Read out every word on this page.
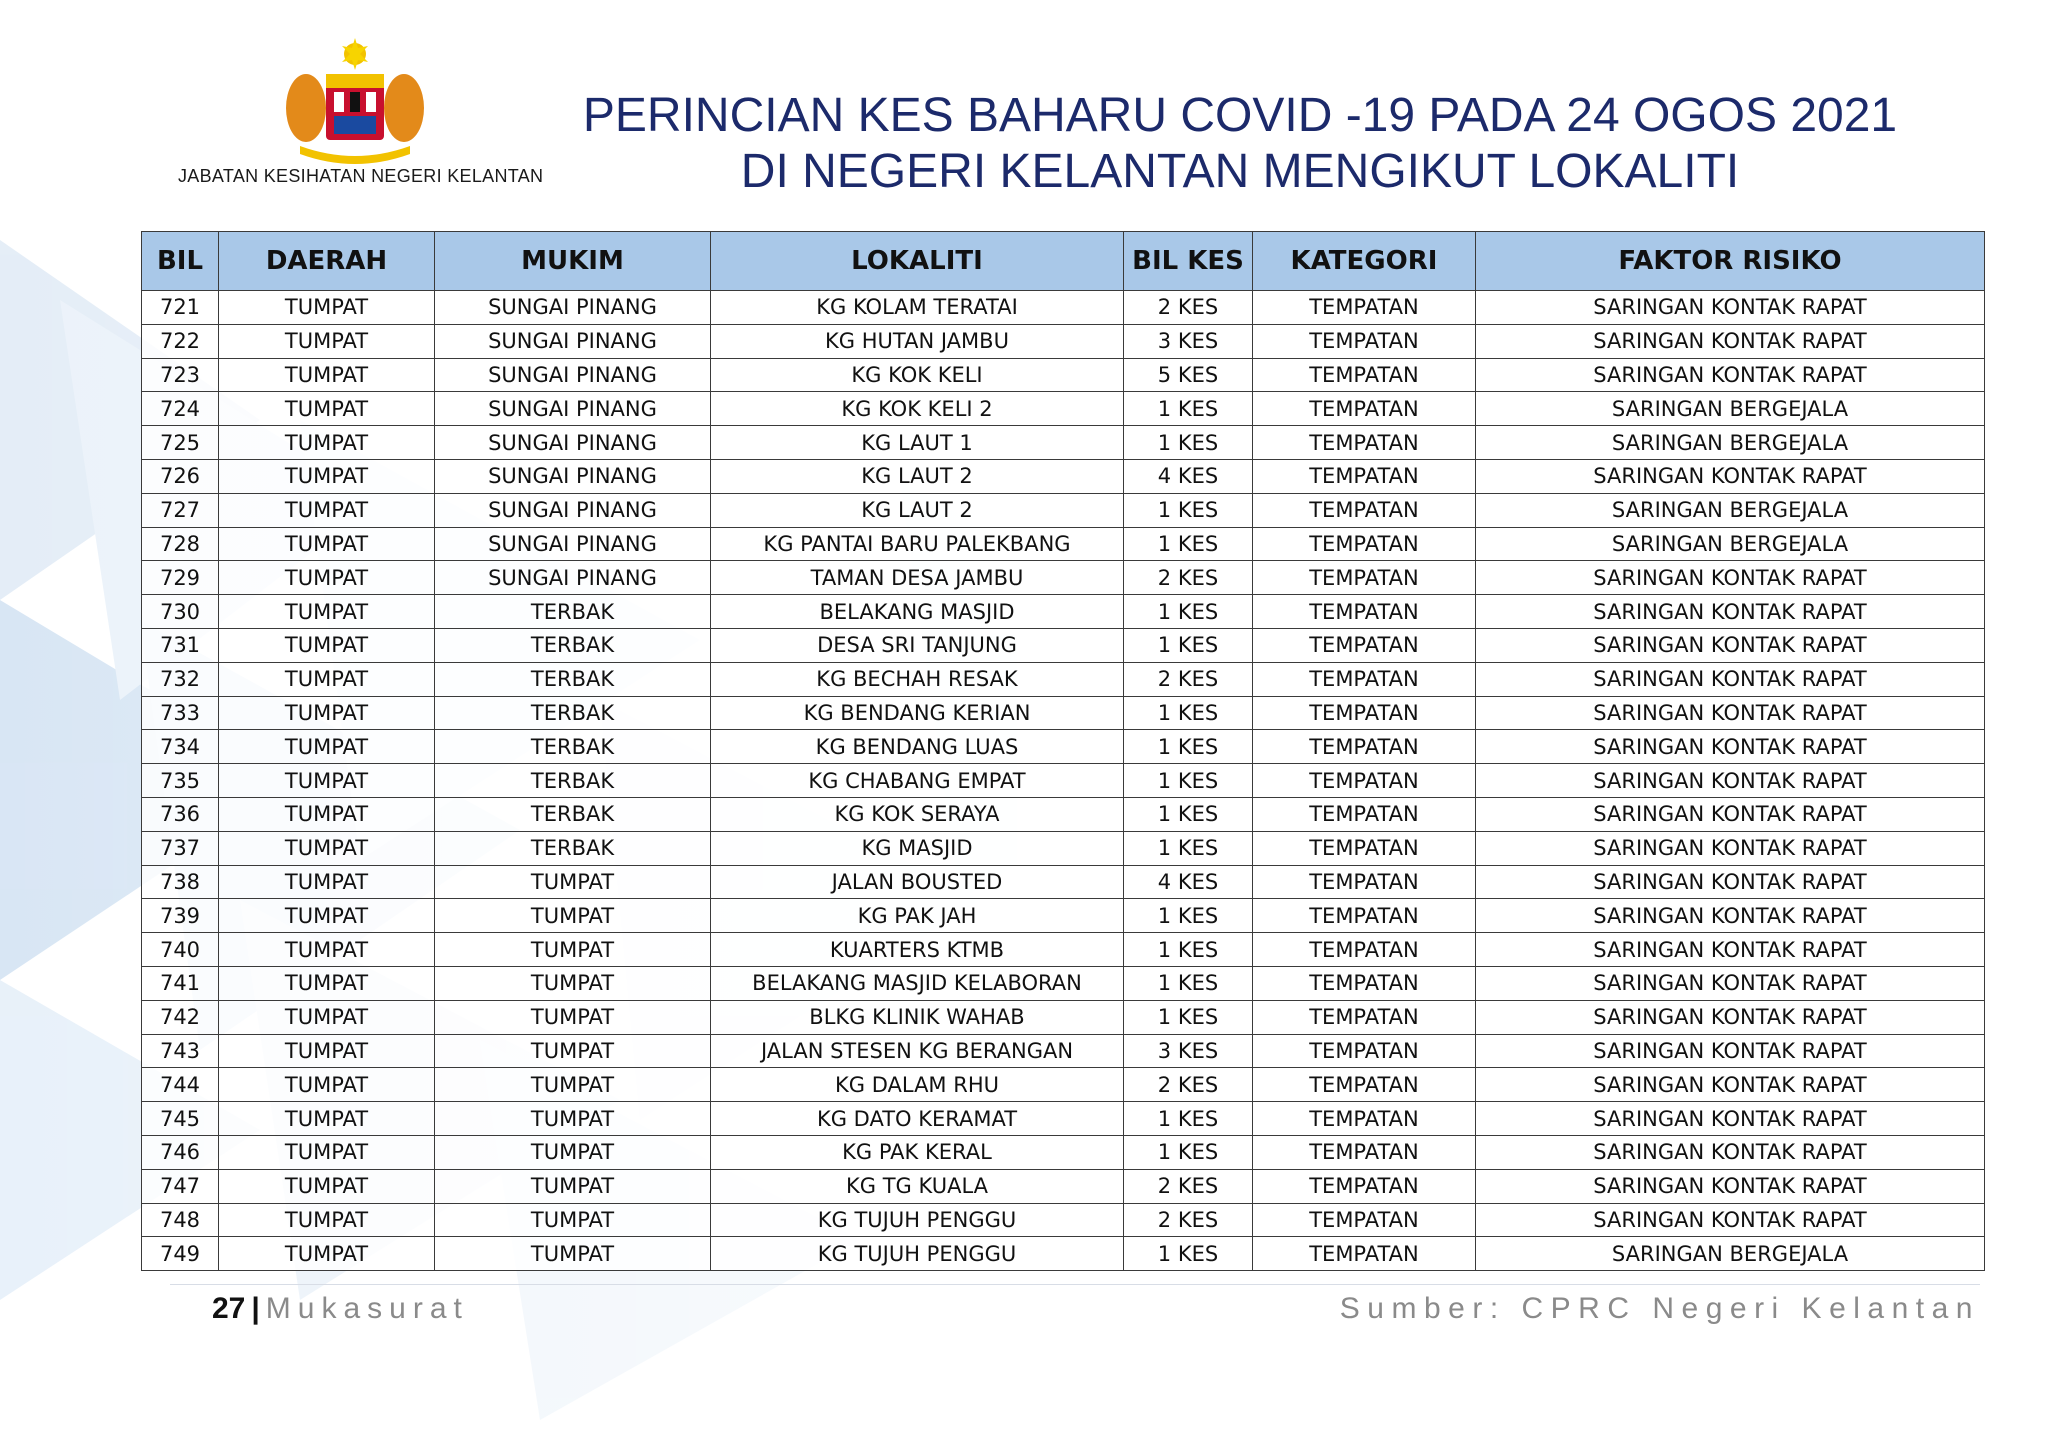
JABATAN KESIHATAN NEGERI KELANTAN
PERINCIAN KES BAHARU COVID -19 PADA 24 OGOS 2021
DI NEGERI KELANTAN MENGIKUT LOKALITI
BIL	DAERAH	MUKIM	LOKALITI	BIL KES	KATEGORI	FAKTOR RISIKO
721	TUMPAT	SUNGAI PINANG	KG KOLAM TERATAI	2 KES	TEMPATAN	SARINGAN KONTAK RAPAT
722	TUMPAT	SUNGAI PINANG	KG HUTAN JAMBU	3 KES	TEMPATAN	SARINGAN KONTAK RAPAT
723	TUMPAT	SUNGAI PINANG	KG KOK KELI	5 KES	TEMPATAN	SARINGAN KONTAK RAPAT
724	TUMPAT	SUNGAI PINANG	KG KOK KELI 2	1 KES	TEMPATAN	SARINGAN BERGEJALA
725	TUMPAT	SUNGAI PINANG	KG LAUT 1	1 KES	TEMPATAN	SARINGAN BERGEJALA
726	TUMPAT	SUNGAI PINANG	KG LAUT 2	4 KES	TEMPATAN	SARINGAN KONTAK RAPAT
727	TUMPAT	SUNGAI PINANG	KG LAUT 2	1 KES	TEMPATAN	SARINGAN BERGEJALA
728	TUMPAT	SUNGAI PINANG	KG PANTAI BARU PALEKBANG	1 KES	TEMPATAN	SARINGAN BERGEJALA
729	TUMPAT	SUNGAI PINANG	TAMAN DESA JAMBU	2 KES	TEMPATAN	SARINGAN KONTAK RAPAT
730	TUMPAT	TERBAK	BELAKANG MASJID	1 KES	TEMPATAN	SARINGAN KONTAK RAPAT
731	TUMPAT	TERBAK	DESA SRI TANJUNG	1 KES	TEMPATAN	SARINGAN KONTAK RAPAT
732	TUMPAT	TERBAK	KG BECHAH RESAK	2 KES	TEMPATAN	SARINGAN KONTAK RAPAT
733	TUMPAT	TERBAK	KG BENDANG KERIAN	1 KES	TEMPATAN	SARINGAN KONTAK RAPAT
734	TUMPAT	TERBAK	KG BENDANG LUAS	1 KES	TEMPATAN	SARINGAN KONTAK RAPAT
735	TUMPAT	TERBAK	KG CHABANG EMPAT	1 KES	TEMPATAN	SARINGAN KONTAK RAPAT
736	TUMPAT	TERBAK	KG KOK SERAYA	1 KES	TEMPATAN	SARINGAN KONTAK RAPAT
737	TUMPAT	TERBAK	KG MASJID	1 KES	TEMPATAN	SARINGAN KONTAK RAPAT
738	TUMPAT	TUMPAT	JALAN BOUSTED	4 KES	TEMPATAN	SARINGAN KONTAK RAPAT
739	TUMPAT	TUMPAT	KG PAK JAH	1 KES	TEMPATAN	SARINGAN KONTAK RAPAT
740	TUMPAT	TUMPAT	KUARTERS KTMB	1 KES	TEMPATAN	SARINGAN KONTAK RAPAT
741	TUMPAT	TUMPAT	BELAKANG MASJID KELABORAN	1 KES	TEMPATAN	SARINGAN KONTAK RAPAT
742	TUMPAT	TUMPAT	BLKG KLINIK WAHAB	1 KES	TEMPATAN	SARINGAN KONTAK RAPAT
743	TUMPAT	TUMPAT	JALAN STESEN KG BERANGAN	3 KES	TEMPATAN	SARINGAN KONTAK RAPAT
744	TUMPAT	TUMPAT	KG DALAM RHU	2 KES	TEMPATAN	SARINGAN KONTAK RAPAT
745	TUMPAT	TUMPAT	KG DATO KERAMAT	1 KES	TEMPATAN	SARINGAN KONTAK RAPAT
746	TUMPAT	TUMPAT	KG PAK KERAL	1 KES	TEMPATAN	SARINGAN KONTAK RAPAT
747	TUMPAT	TUMPAT	KG TG KUALA	2 KES	TEMPATAN	SARINGAN KONTAK RAPAT
748	TUMPAT	TUMPAT	KG TUJUH PENGGU	2 KES	TEMPATAN	SARINGAN KONTAK RAPAT
749	TUMPAT	TUMPAT	KG TUJUH PENGGU	1 KES	TEMPATAN	SARINGAN BERGEJALA
27 | Mukasurat	Sumber: CPRC Negeri Kelantan
